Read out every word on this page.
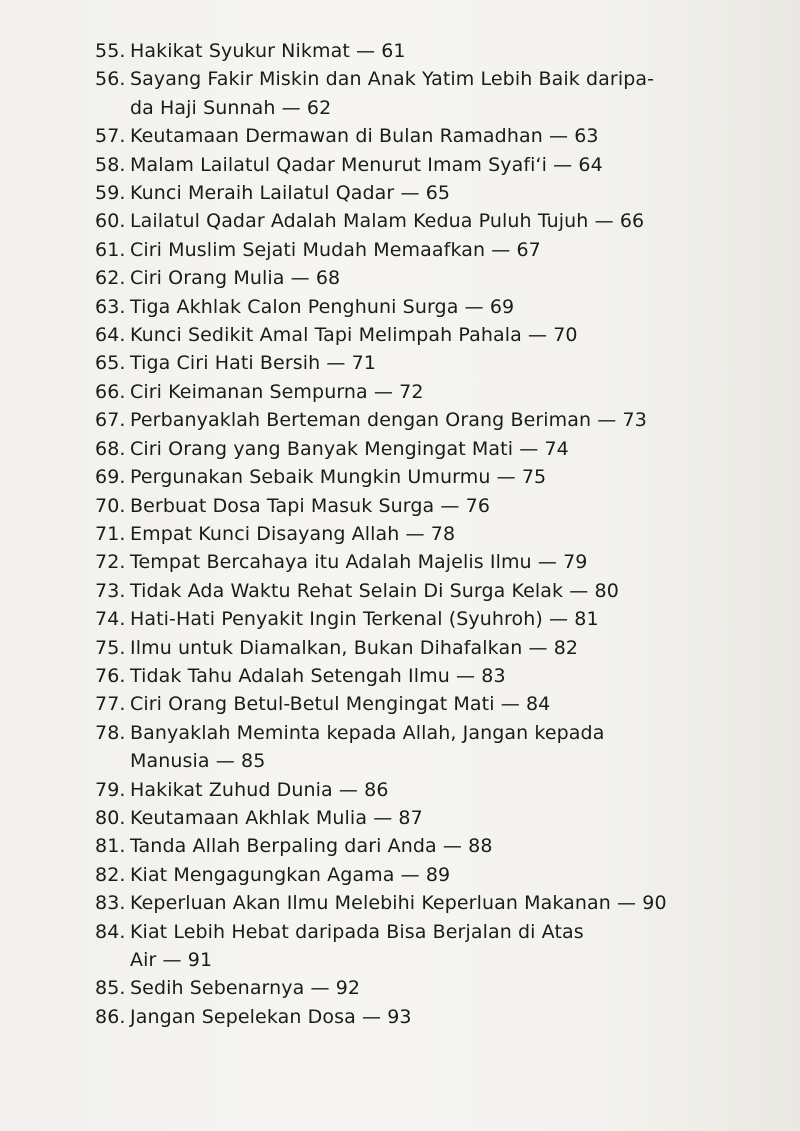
55. Hakikat Syukur Nikmat — 61
56. Sayang Fakir Miskin dan Anak Yatim Lebih Baik daripa-
da Haji Sunnah — 62
57. Keutamaan Dermawan di Bulan Ramadhan — 63
58. Malam Lailatul Qadar Menurut Imam Syafi‘i — 64
59. Kunci Meraih Lailatul Qadar — 65
60. Lailatul Qadar Adalah Malam Kedua Puluh Tujuh — 66
61. Ciri Muslim Sejati Mudah Memaafkan — 67
62. Ciri Orang Mulia — 68
63. Tiga Akhlak Calon Penghuni Surga — 69
64. Kunci Sedikit Amal Tapi Melimpah Pahala — 70
65. Tiga Ciri Hati Bersih — 71
66. Ciri Keimanan Sempurna — 72
67. Perbanyaklah Berteman dengan Orang Beriman — 73
68. Ciri Orang yang Banyak Mengingat Mati — 74
69. Pergunakan Sebaik Mungkin Umurmu — 75
70. Berbuat Dosa Tapi Masuk Surga — 76
71. Empat Kunci Disayang Allah — 78
72. Tempat Bercahaya itu Adalah Majelis Ilmu — 79
73. Tidak Ada Waktu Rehat Selain Di Surga Kelak — 80
74. Hati-Hati Penyakit Ingin Terkenal (Syuhroh) — 81
75. Ilmu untuk Diamalkan, Bukan Dihafalkan — 82
76. Tidak Tahu Adalah Setengah Ilmu — 83
77. Ciri Orang Betul-Betul Mengingat Mati — 84
78. Banyaklah Meminta kepada Allah, Jangan kepada
Manusia — 85
79. Hakikat Zuhud Dunia — 86
80. Keutamaan Akhlak Mulia — 87
81. Tanda Allah Berpaling dari Anda — 88
82. Kiat Mengagungkan Agama — 89
83. Keperluan Akan Ilmu Melebihi Keperluan Makanan — 90
84. Kiat Lebih Hebat daripada Bisa Berjalan di Atas
Air — 91
85. Sedih Sebenarnya — 92
86. Jangan Sepelekan Dosa — 93
